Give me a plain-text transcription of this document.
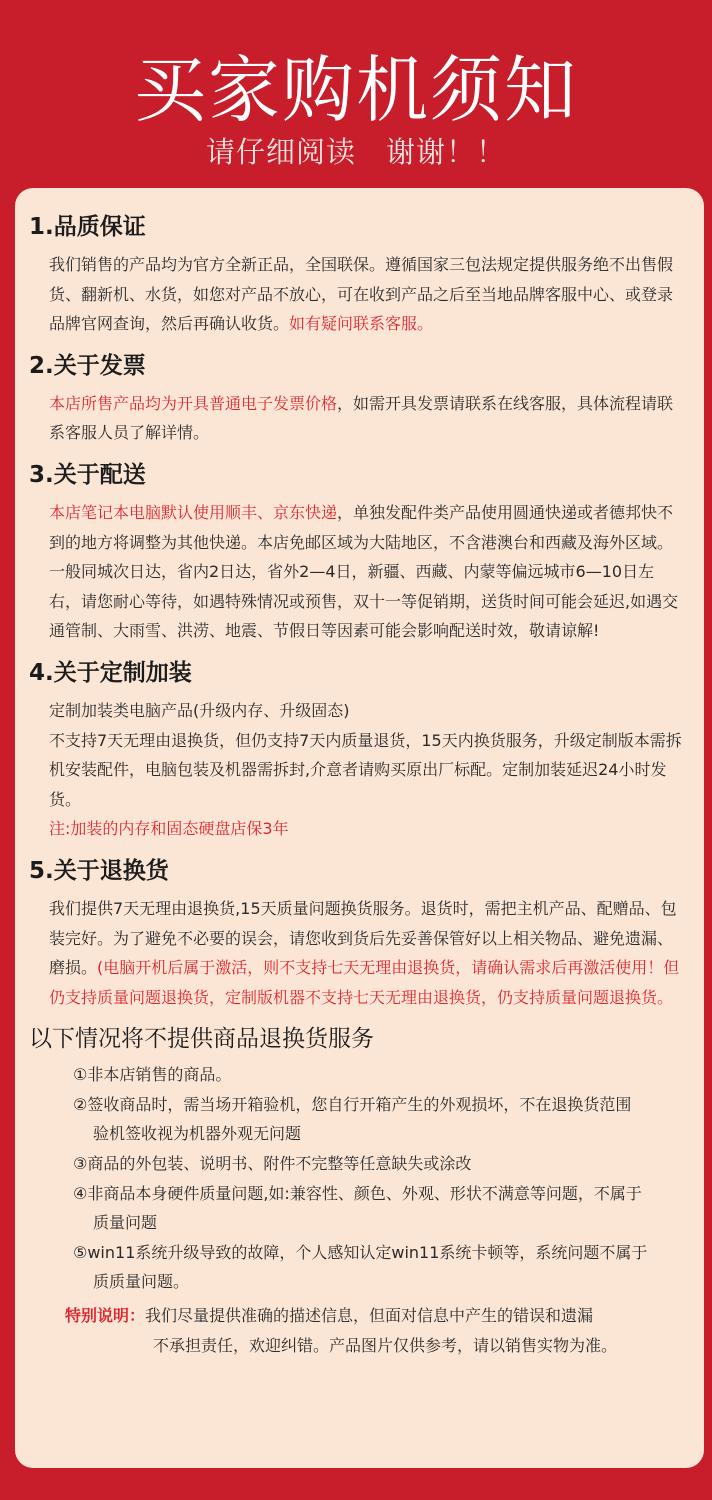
买家购机须知
请仔细阅读　谢谢！！
1.品质保证
我们销售的产品均为官方全新正品，全国联保。遵循国家三包法规定提供服务绝不出售假货、翻新机、水货，如您对产品不放心，可在收到产品之后至当地品牌客服中心、或登录品牌官网查询，然后再确认收货。如有疑问联系客服。
2.关于发票
本店所售产品均为开具普通电子发票价格，如需开具发票请联系在线客服，具体流程请联系客服人员了解详情。
3.关于配送
本店笔记本电脑默认使用顺丰、京东快递，单独发配件类产品使用圆通快递或者德邦快不到的地方将调整为其他快递。本店免邮区域为大陆地区，不含港澳台和西藏及海外区域。一般同城次日达，省内2日达，省外2—4日，新疆、西藏、内蒙等偏远城市6—10日左右，请您耐心等待，如遇特殊情况或预售，双十一等促销期，送货时间可能会延迟,如遇交通管制、大雨雪、洪涝、地震、节假日等因素可能会影响配送时效，敬请谅解!
4.关于定制加装
定制加装类电脑产品(升级内存、升级固态)
不支持7天无理由退换货，但仍支持7天内质量退货，15天内换货服务，升级定制版本需拆机安装配件，电脑包装及机器需拆封,介意者请购买原出厂标配。定制加装延迟24小时发货。
注:加装的内存和固态硬盘店保3年
5.关于退换货
我们提供7天无理由退换货,15天质量问题换货服务。退货时，需把主机产品、配赠品、包装完好。为了避免不必要的误会，请您收到货后先妥善保管好以上相关物品、避免遗漏、磨损。(电脑开机后属于激活，则不支持七天无理由退换货，请确认需求后再激活使用！但仍支持质量问题退换货，定制版机器不支持七天无理由退换货，仍支持质量问题退换货。
以下情况将不提供商品退换货服务
①非本店销售的商品。
②签收商品时，需当场开箱验机，您自行开箱产生的外观损坏，不在退换货范围
验机签收视为机器外观无问题
③商品的外包装、说明书、附件不完整等任意缺失或涂改
④非商品本身硬件质量问题,如:兼容性、颜色、外观、形状不满意等问题，不属于
质量问题
⑤win11系统升级导致的故障，个人感知认定win11系统卡顿等，系统问题不属于
质质量问题。
特别说明：我们尽量提供准确的描述信息，但面对信息中产生的错误和遗漏
不承担责任，欢迎纠错。产品图片仅供参考，请以销售实物为准。
